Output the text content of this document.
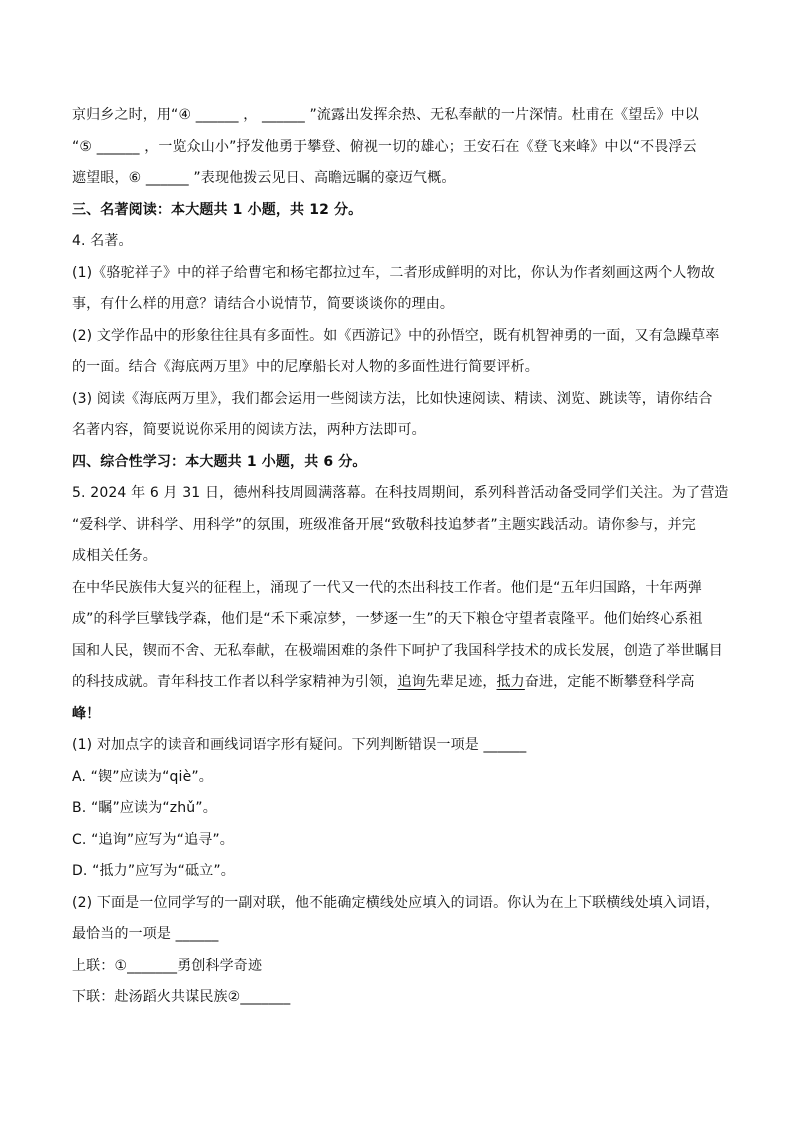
京归乡之时，用“④ ______ ， ______ ”流露出发挥余热、无私奉献的一片深情。杜甫在《望岳》中以
“⑤ ______ ，一览众山小”抒发他勇于攀登、俯视一切的雄心；王安石在《登飞来峰》中以“不畏浮云
遮望眼，⑥ ______ ”表现他拨云见日、高瞻远瞩的豪迈气概。
三、名著阅读：本大题共 1 小题，共 12 分。
4. 名著。
(1)《骆驼祥子》中的祥子给曹宅和杨宅都拉过车，二者形成鲜明的对比，你认为作者刻画这两个人物故
事，有什么样的用意？请结合小说情节，简要谈谈你的理由。
(2) 文学作品中的形象往往具有多面性。如《西游记》中的孙悟空，既有机智神勇的一面，又有急躁草率
的一面。结合《海底两万里》中的尼摩船长对人物的多面性进行简要评析。
(3) 阅读《海底两万里》，我们都会运用一些阅读方法，比如快速阅读、精读、浏览、跳读等，请你结合
名著内容，简要说说你采用的阅读方法，两种方法即可。
四、综合性学习：本大题共 1 小题，共 6 分。
5. 2024 年 6 月 31 日，德州科技周圆满落幕。在科技周期间，系列科普活动备受同学们关注。为了营造
“爱科学、讲科学、用科学”的氛围，班级准备开展“致敬科技追梦者”主题实践活动。请你参与，并完
成相关任务。
在中华民族伟大复兴的征程上，涌现了一代又一代的杰出科技工作者。他们是“五年归国路，十年两弹
成”的科学巨擘钱学森，他们是“禾下乘凉梦，一梦逐一生”的天下粮仓守望者袁隆平。他们始终心系祖
国和人民，锲而不舍、无私奉献，在极端困难的条件下呵护了我国科学技术的成长发展，创造了举世瞩目
的科技成就。青年科技工作者以科学家精神为引领，追询先辈足迹，抵力奋进，定能不断攀登科学高
峰！
(1) 对加点字的读音和画线词语字形有疑问。下列判断错误一项是 ______
A. “锲”应读为“qiè”。
B. “瞩”应读为“zhǔ”。
C. “追询”应写为“追寻”。
D. “抵力”应写为“砥立”。
(2) 下面是一位同学写的一副对联，他不能确定横线处应填入的词语。你认为在上下联横线处填入词语，
最恰当的一项是 ______
上联：①_______勇创科学奇迹
下联：赴汤蹈火共谋民族②_______
